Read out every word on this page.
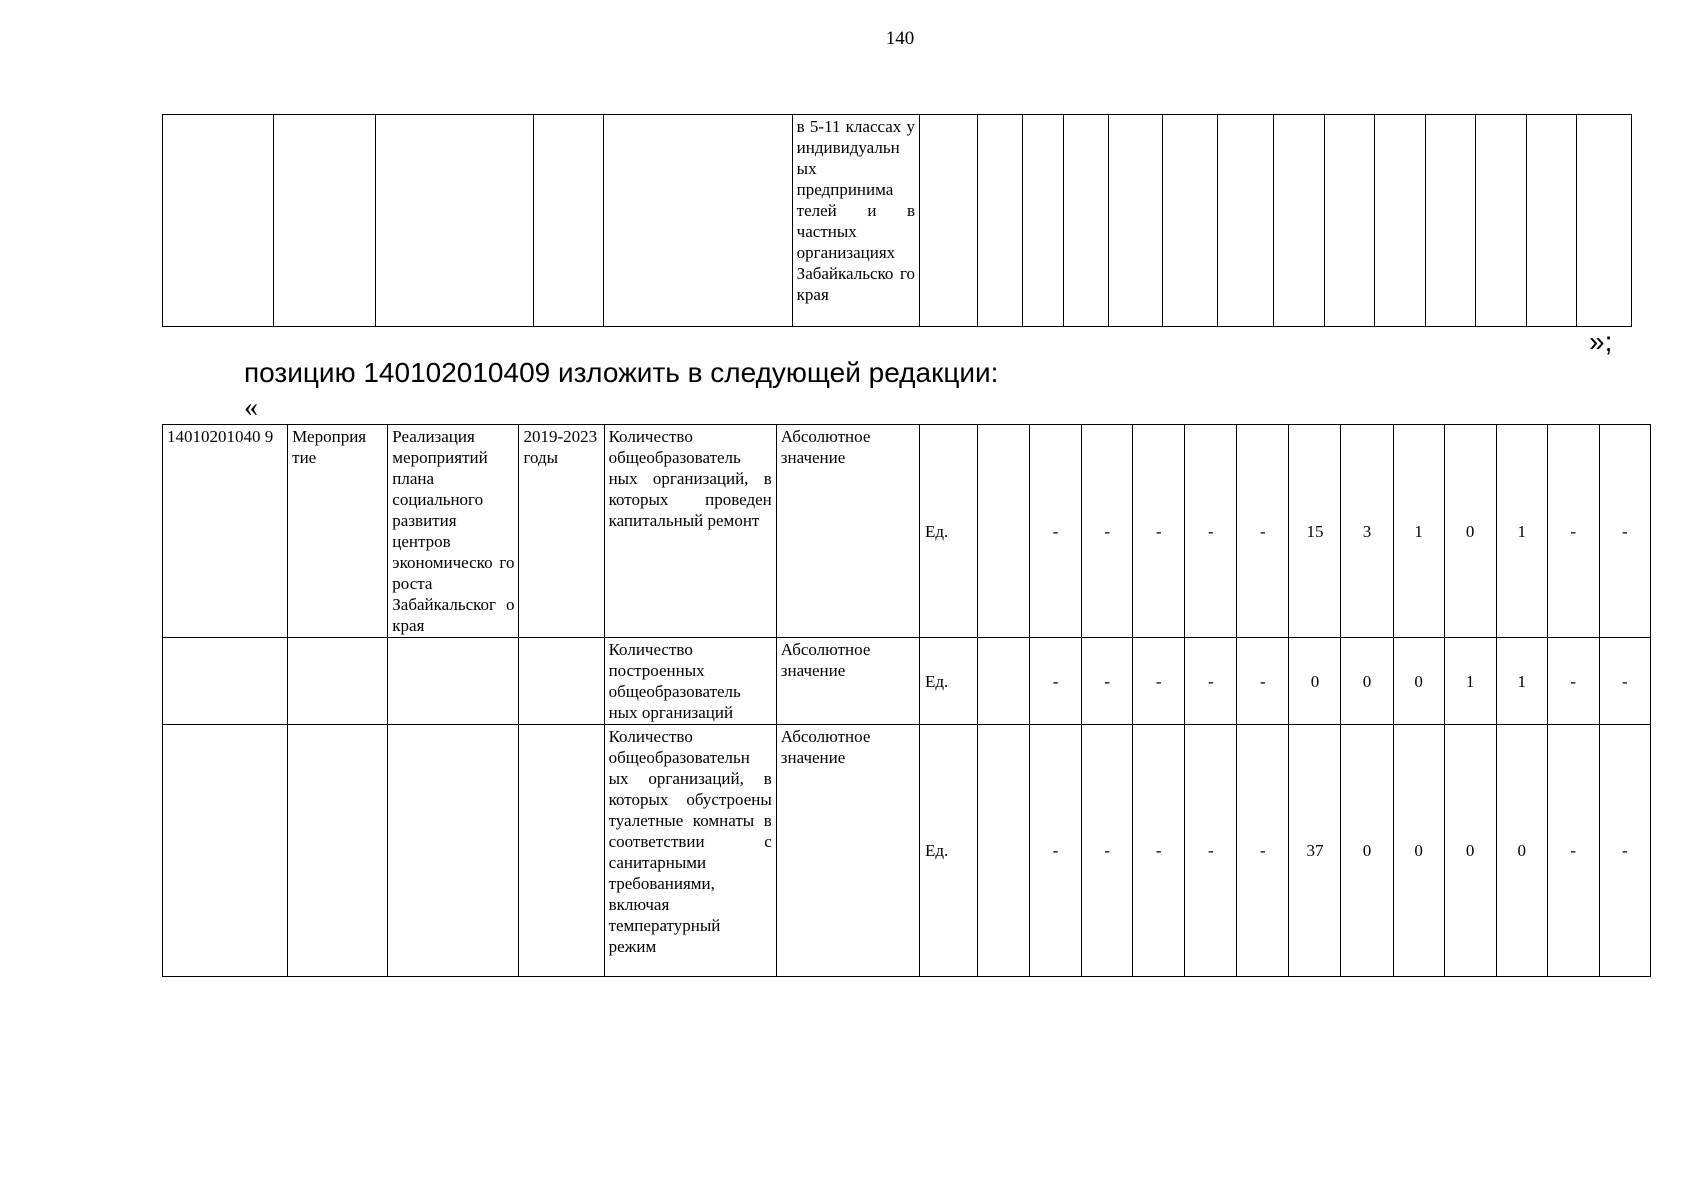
140
					в 5-11 классах у индивидуальн ых предпринима телей и в частных организациях Забайкальско го края														
»;
позицию 140102010409 изложить в следующей редакции:
«
14010201040 9	Мероприя тие	Реализация мероприятий плана социального развития центров экономическо го роста Забайкальског о края	2019-2023 годы	Количество общеобразователь ных организаций, в которых проведен капитальный ремонт	Абсолютное значение	Ед.		-	-	-	-	-	15	3	1	0	1	-	-
				Количество построенных общеобразователь ных организаций	Абсолютное значение	Ед.		-	-	-	-	-	0	0	0	1	1	-	-
				Количество общеобразовательн ых организаций, в которых обустроены туалетные комнаты в соответствии с санитарными требованиями, включая температурный режим	Абсолютное значение	Ед.		-	-	-	-	-	37	0	0	0	0	-	-
